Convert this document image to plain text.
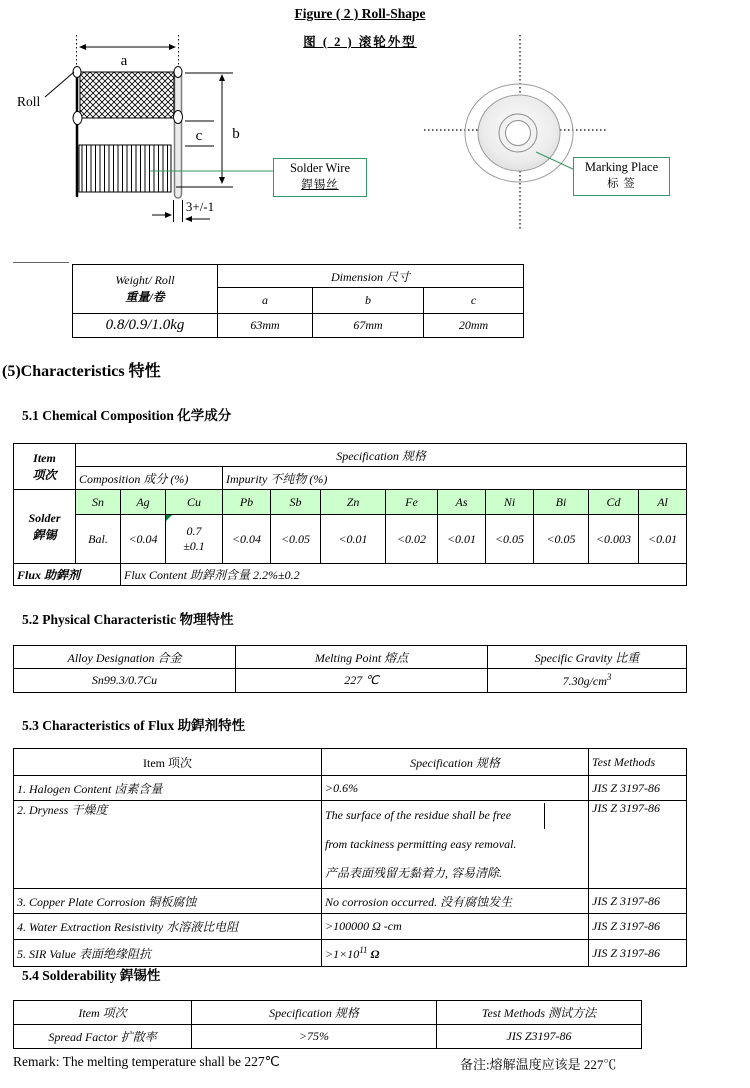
a
Roll
c b
3+/-1
Figure ( 2 ) Roll-Shape
图 ( 2 ) 滚轮外型
Solder Wire
銲锡丝
Marking Place
标 签
Weight/ Roll
重量/卷	Dimension 尺寸		
	a	b	c
0.8/0.9/1.0kg	63mm	67mm	20mm
(5)Characteristics 特性
5.1 Chemical Composition 化学成分
Item
项次	Specification 规格											
	Composition 成分 (%)			Impurity 不纯物 (%)								

Solder
銲锡	Sn	Ag	Cu	Pb	Sb	Zn	Fe	As	Ni	Bi	Cd	Al
	Bal.	<0.04	0.7
±0.1	<0.04	<0.05	<0.01	<0.02	<0.01	<0.05	<0.05	<0.003	<0.01
Flux 助銲剂		Flux Content 助銲剂含量 2.2%±0.2										
5.2 Physical Characteristic 物理特性
Alloy Designation 合金	Melting Point 熔点	Specific Gravity 比重
Sn99.3/0.7Cu	227 ℃	$7.30g/cm^3$
5.3 Characteristics of Flux 助銲剂特性
Item 项次	Specification 规格	Test Methods
1. Halogen Content 卤素含量	>0.6%	JIS Z 3197-86
2. Dryness 干燥度	The surface of the residue shall be free
from tackiness permitting easy removal.
产品表面残留无黏着力, 容易清除.	JIS Z 3197-86
3. Copper Plate Corrosion 铜板腐蚀	No corrosion occurred. 没有腐蚀发生	JIS Z 3197-86
4. Water Extraction Resistivity 水溶液比电阻	>100000 Ω -cm	JIS Z 3197-86
5. SIR Value 表面绝缘阻抗	$>1\times 10^{11}$ Ω	JIS Z 3197-86
5.4 Solderability 銲锡性
Item 项次	Specification 规格	Test Methods 测试方法
Spread Factor 扩散率	>75%	JIS Z3197-86
Remark: The melting temperature shall be 227℃	备注:熔解温度应该是 227℃
